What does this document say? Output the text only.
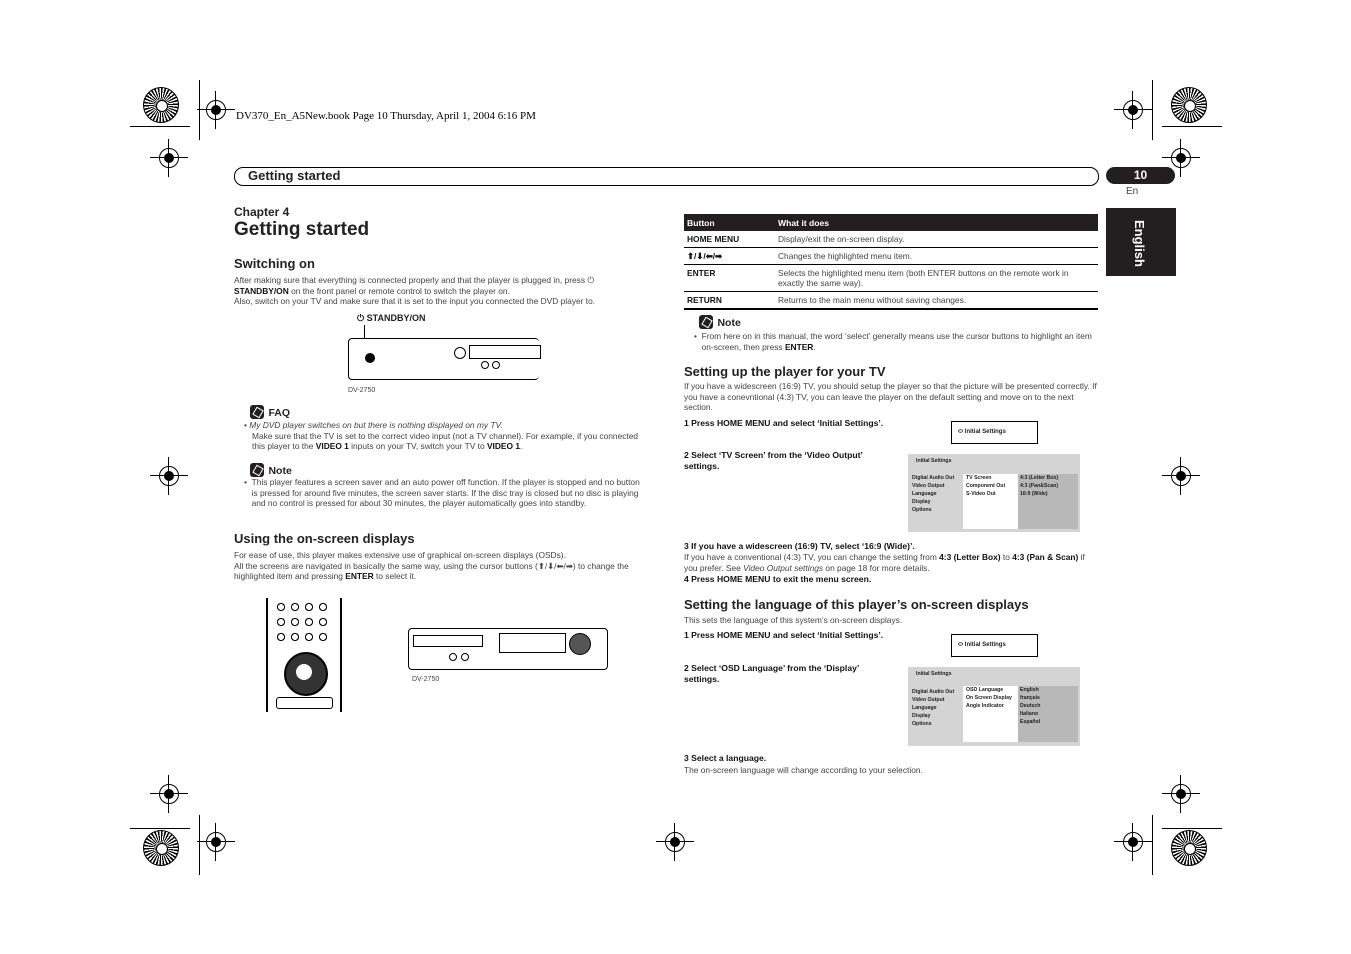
DV370_En_A5New.book Page 10 Thursday, April 1, 2004 6:16 PM
Getting started	10
En
English
Chapter 4
Getting started
Switching on
After making sure that everything is connected properly and that the player is plugged in, press ⏻
STANDBY/ON on the front panel or remote control to switch the player on.
Also, switch on your TV and make sure that it is set to the input you connected the DVD player to.
⏻ STANDBY/ON
DV-2750
FAQ
• My DVD player switches on but there is nothing displayed on my TV.

Make sure that the TV is set to the correct video input (not a TV channel). For example, if you connected this player to the VIDEO 1 inputs on your TV, switch your TV to VIDEO 1.
Note
• This player features a screen saver and an auto power off function. If the player is stopped and no button is pressed for around five minutes, the screen saver starts. If the disc tray is closed but no disc is playing and no control is pressed for about 30 minutes, the player automatically goes into standby.
Using the on-screen displays
For ease of use, this player makes extensive use of graphical on-screen displays (OSDs).
All the screens are navigated in basically the same way, using the cursor buttons (⬆/⬇/⬅/➡) to change the highlighted item and pressing ENTER to select it.
DV-2750
Button	What it does
HOME MENU	Display/exit the on-screen display.
⬆/⬇/⬅/➡	Changes the highlighted menu item.
ENTER	Selects the highlighted menu item (both ENTER buttons on the remote work in exactly the same way).
RETURN	Returns to the main menu without saving changes.
Note
• From here on in this manual, the word ‘select’ generally means use the cursor buttons to highlight an item on-screen, then press ENTER.
Setting up the player for your TV
If you have a widescreen (16:9) TV, you should setup the player so that the picture will be presented correctly. If you have a conevntional (4:3) TV, you can leave the player on the default setting and move on to the next section.
1 Press HOME MENU and select ‘Initial Settings’.
2 Select ‘TV Screen’ from the ‘Video Output’ settings.
⬭ Initial Settings
Initial Settings
Digital Audio Out
Video Output
Language
Display
Options
TV Screen
Component Out
S-Video Out
4:3 (Letter Box)
4:3 (Pan&Scan)
16:9 (Wide)
3 If you have a widescreen (16:9) TV, select ‘16:9 (Wide)’.
If you have a conventional (4:3) TV, you can change the setting from 4:3 (Letter Box) to 4:3 (Pan & Scan) if you prefer. See Video Output settings on page 18 for more details.
4 Press HOME MENU to exit the menu screen.
Setting the language of this player’s on-screen displays
This sets the language of this system’s on-screen displays.
1 Press HOME MENU and select ‘Initial Settings’.
2 Select ‘OSD Language’ from the ‘Display’ settings.
⬭ Initial Settings
Initial Settings
Digital Audio Out
Video Output
Language
Display
Options
OSD Language
On Screen Display
Angle Indicator
English
français
Deutsch
Italiano
Español
3 Select a language.
The on-screen language will change according to your selection.
